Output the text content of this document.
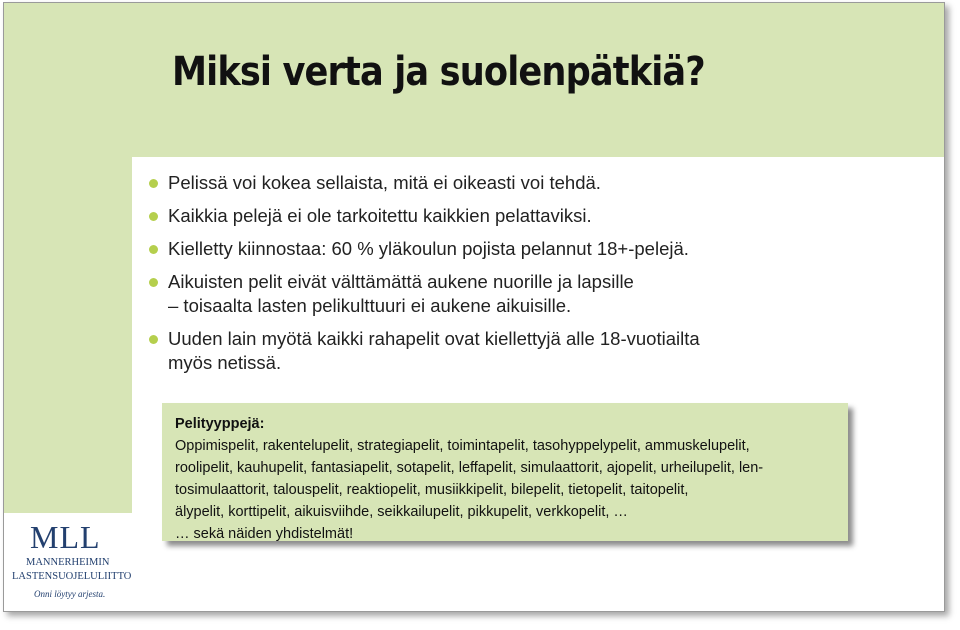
Miksi verta ja suolenpätkiä?
Pelissä voi kokea sellaista, mitä ei oikeasti voi tehdä.
Kaikkia pelejä ei ole tarkoitettu kaikkien pelattaviksi.
Kielletty kiinnostaa: 60 % yläkoulun pojista pelannut 18+-pelejä.
Aikuisten pelit eivät välttämättä aukene nuorille ja lapsille
– toisaalta lasten pelikulttuuri ei aukene aikuisille.
Uuden lain myötä kaikki rahapelit ovat kiellettyjä alle 18-vuotiailta
myös netissä.
Pelityyppejä:
Oppimispelit, rakentelupelit, strategiapelit, toimintapelit, tasohyppelypelit, ammuskelupelit,
roolipelit, kauhupelit, fantasiapelit, sotapelit, leffapelit, simulaattorit, ajopelit, urheilupelit, len-
tosimulaattorit, talouspelit, reaktiopelit, musiikkipelit, bilepelit, tietopelit, taitopelit,
älypelit, korttipelit, aikuisviihde, seikkailupelit, pikkupelit, verkkopelit, …
… sekä näiden yhdistelmät!
MLL
MANNERHEIMIN
LASTENSUOJELULIITTO
Onni löytyy arjesta.
